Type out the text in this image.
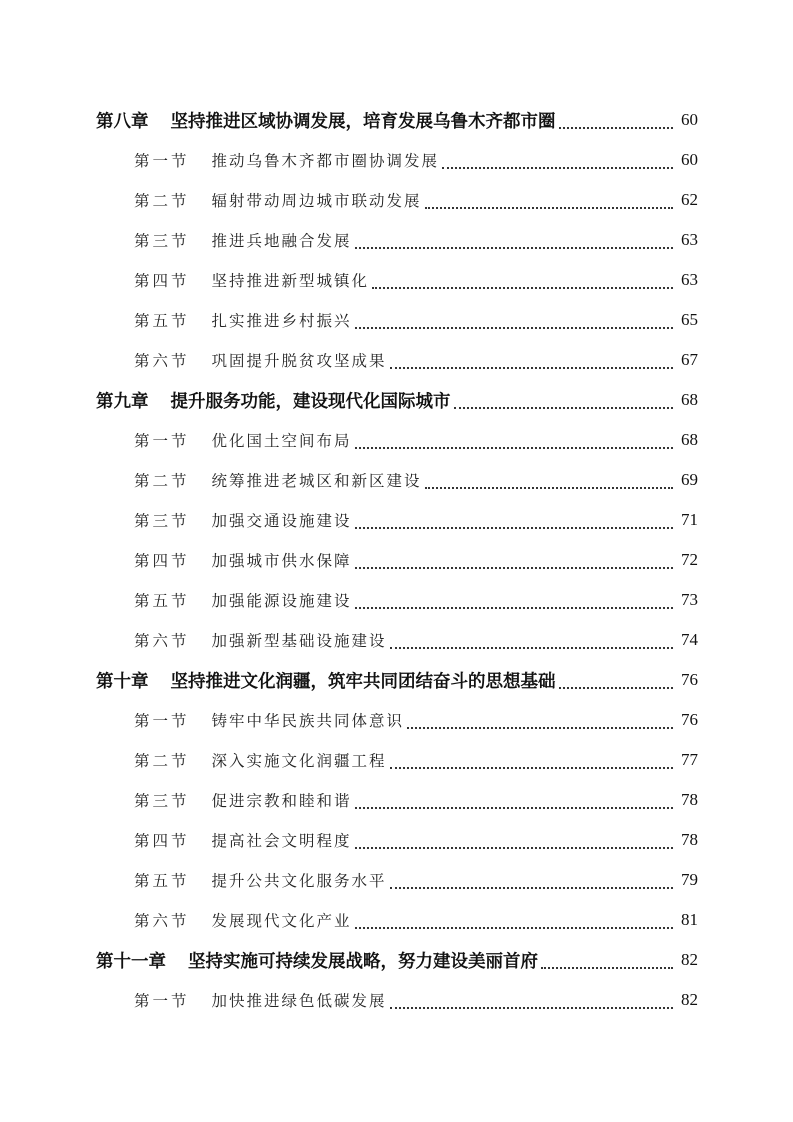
第八章 坚持推进区域协调发展，培育发展乌鲁木齐都市圈	60
第一节 推动乌鲁木齐都市圈协调发展	60
第二节 辐射带动周边城市联动发展	62
第三节 推进兵地融合发展	63
第四节 坚持推进新型城镇化	63
第五节 扎实推进乡村振兴	65
第六节 巩固提升脱贫攻坚成果	67
第九章 提升服务功能，建设现代化国际城市	68
第一节 优化国土空间布局	68
第二节 统筹推进老城区和新区建设	69
第三节 加强交通设施建设	71
第四节 加强城市供水保障	72
第五节 加强能源设施建设	73
第六节 加强新型基础设施建设	74
第十章 坚持推进文化润疆，筑牢共同团结奋斗的思想基础	76
第一节 铸牢中华民族共同体意识	76
第二节 深入实施文化润疆工程	77
第三节 促进宗教和睦和谐	78
第四节 提高社会文明程度	78
第五节 提升公共文化服务水平	79
第六节 发展现代文化产业	81
第十一章 坚持实施可持续发展战略，努力建设美丽首府	82
第一节 加快推进绿色低碳发展	82
